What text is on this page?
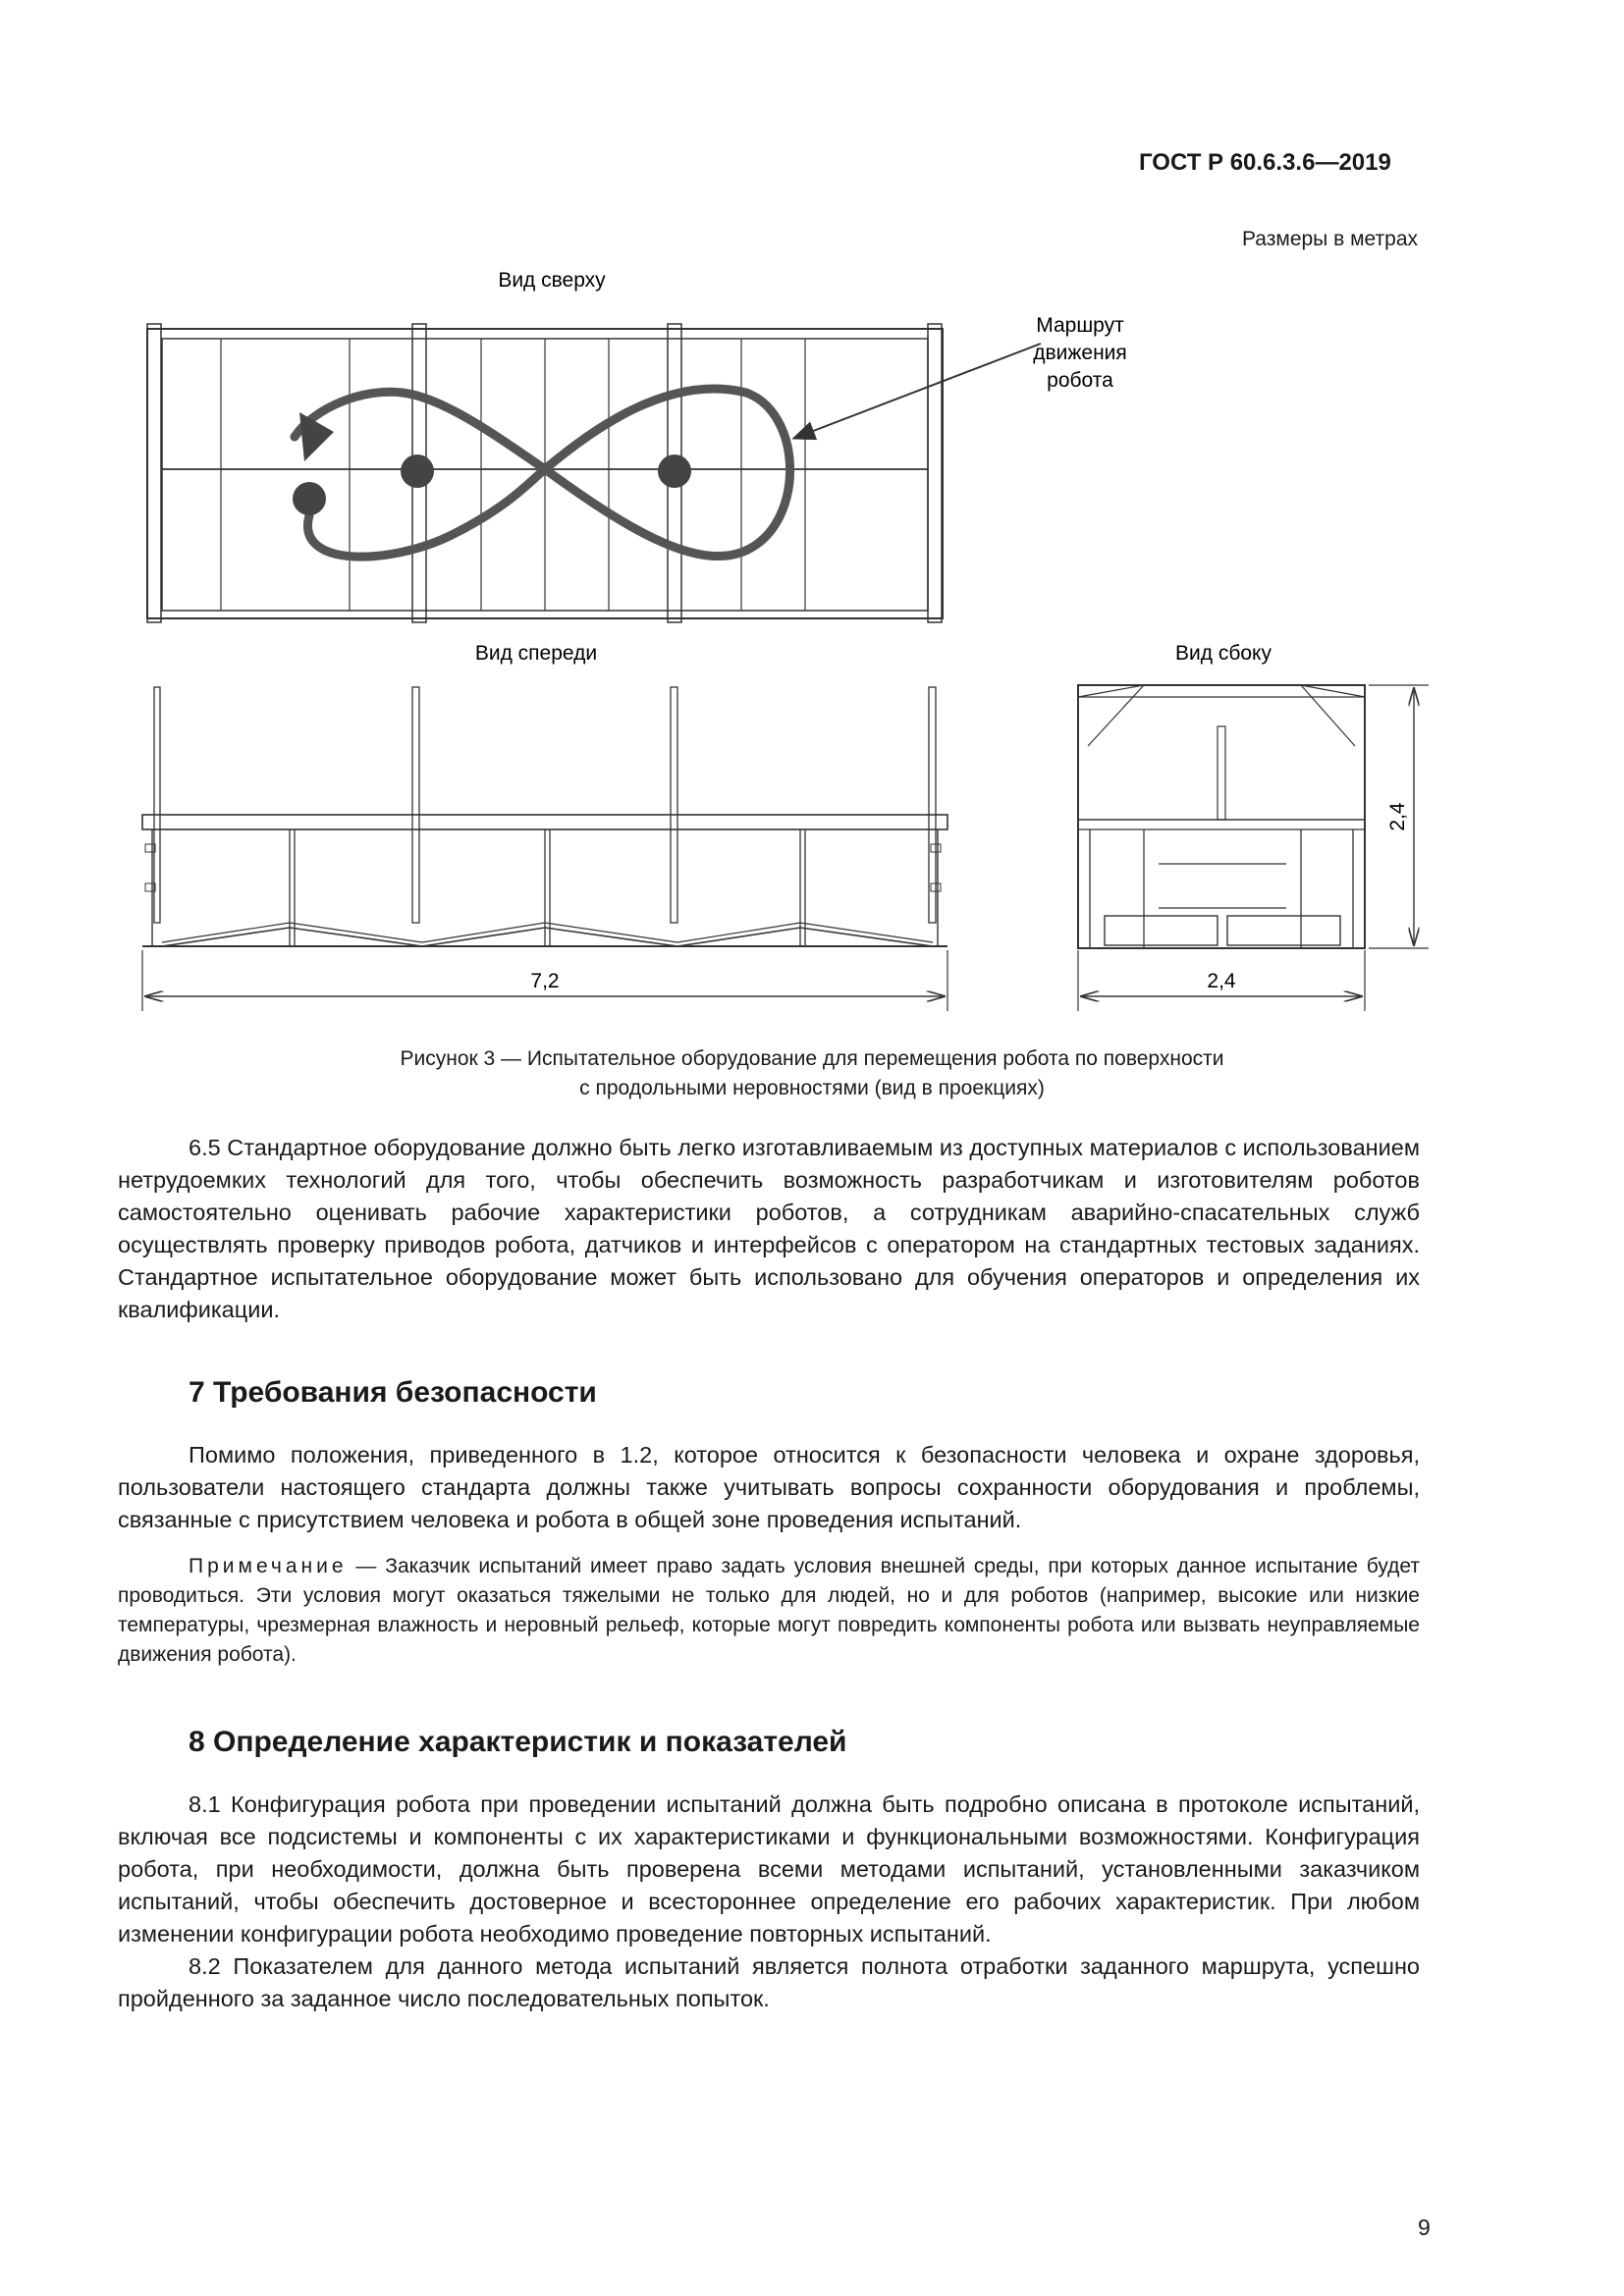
ГОСТ Р 60.6.3.6—2019
Размеры в метрах
Вид сверху
Вид спереди	Вид сбоку
Маршрут
движения
робота
7,2	2,4
2,4
Рисунок 3 — Испытательное оборудование для перемещения робота по поверхности
с продольными неровностями (вид в проекциях)

6.5 Стандартное оборудование должно быть легко изготавливаемым из доступных материалов с использованием нетрудоемких технологий для того, чтобы обеспечить возможность разработчикам и изготовителям роботов самостоятельно оценивать рабочие характеристики роботов, а сотрудникам аварийно-спасательных служб осуществлять проверку приводов робота, датчиков и интерфейсов с оператором на стандартных тестовых заданиях. Стандартное испытательное оборудование может быть использовано для обучения операторов и определения их квалификации.

7 Требования безопасности

Помимо положения, приведенного в 1.2, которое относится к безопасности человека и охране здоровья, пользователи настоящего стандарта должны также учитывать вопросы сохранности оборудования и проблемы, связанные с присутствием человека и робота в общей зоне проведения испытаний.

Примечание — Заказчик испытаний имеет право задать условия внешней среды, при которых данное испытание будет проводиться. Эти условия могут оказаться тяжелыми не только для людей, но и для роботов (например, высокие или низкие температуры, чрезмерная влажность и неровный рельеф, которые могут повредить компоненты робота или вызвать неуправляемые движения робота).
8 Определение характеристик и показателей

8.1 Конфигурация робота при проведении испытаний должна быть подробно описана в протоколе испытаний, включая все подсистемы и компоненты с их характеристиками и функциональными возможностями. Конфигурация робота, при необходимости, должна быть проверена всеми методами испытаний, установленными заказчиком испытаний, чтобы обеспечить достоверное и всестороннее определение его рабочих характеристик. При любом изменении конфигурации робота необходимо проведение повторных испытаний.

8.2 Показателем для данного метода испытаний является полнота отработки заданного маршрута, успешно пройденного за заданное число последовательных попыток.

9
